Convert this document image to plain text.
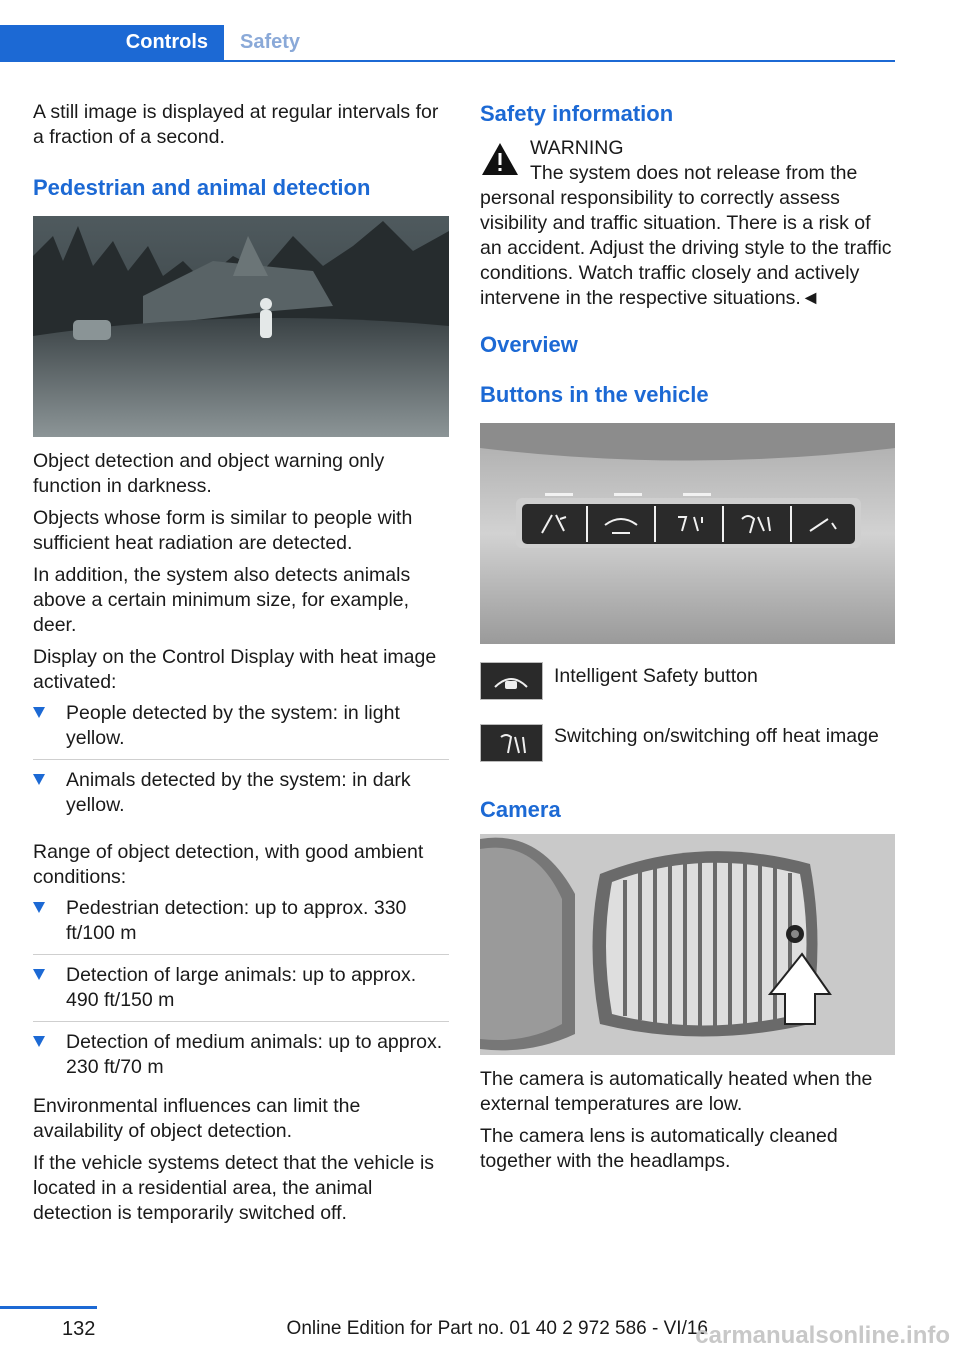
Controls	Safety

A still image is displayed at regular intervals for a fraction of a second.

Pedestrian and animal detection

Object detection and object warning only function in darkness.

Objects whose form is similar to people with sufficient heat radiation are detected.

In addition, the system also detects animals above a certain minimum size, for example, deer.

Display on the Control Display with heat image activated:

People detected by the system: in light yellow.
Animals detected by the system: in dark yellow.

Range of object detection, with good ambient conditions:

Pedestrian detection: up to approx. 330 ft/100 m
Detection of large animals: up to approx. 490 ft/150 m
Detection of medium animals: up to approx. 230 ft/70 m

Environmental influences can limit the availability of object detection.

If the vehicle systems detect that the vehicle is located in a residential area, the animal detection is temporarily switched off.

Safety information
WARNING

The system does not release from the personal responsibility to correctly assess visibility and traffic situation. There is a risk of an accident. Adjust the driving style to the traffic conditions. Watch traffic closely and actively intervene in the respective situations.◄

Overview
Buttons in the vehicle
Intelligent Safety button
Switching on/switching off heat image
Camera

The camera is automatically heated when the external temperatures are low.

The camera lens is automatically cleaned together with the headlamps.

132	Online Edition for Part no. 01 40 2 972 586 - VI/16
carmanualsonline.info
